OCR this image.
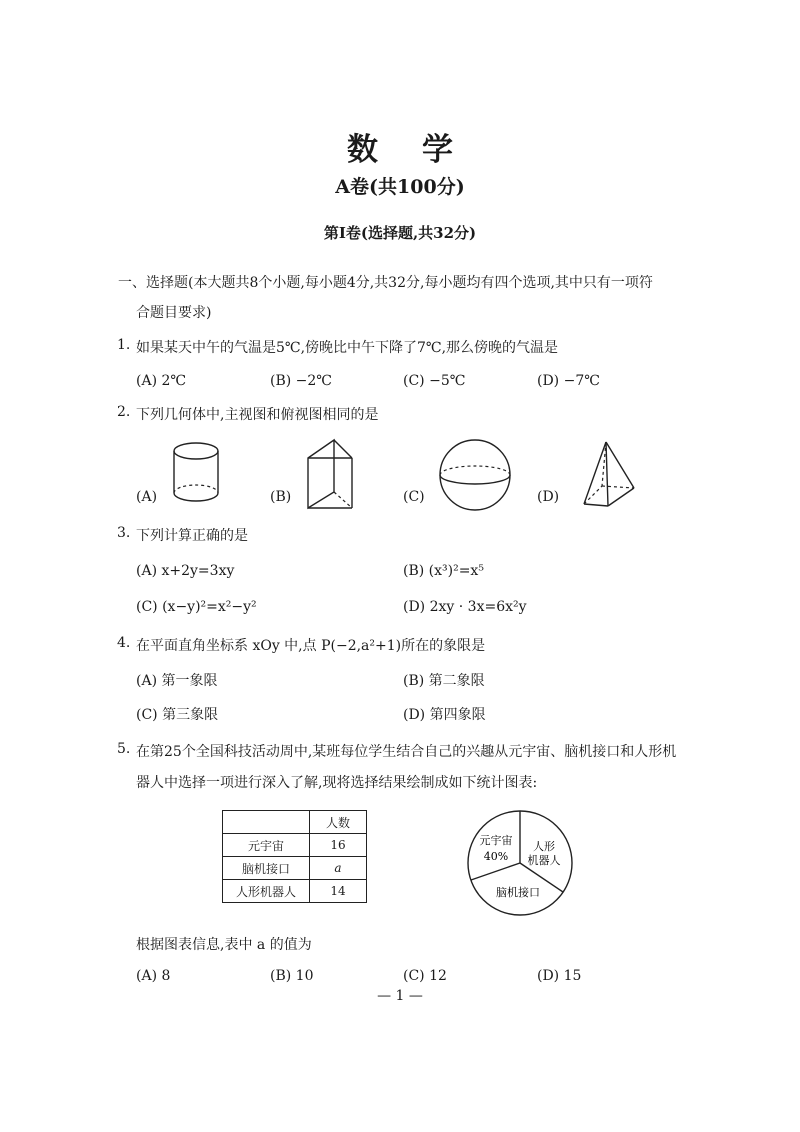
数学
A卷(共100分)
第Ⅰ卷(选择题,共32分)
一、选择题(本大题共8个小题,每小题4分,共32分,每小题均有四个选项,其中只有一项符
合题目要求)
1. 如果某天中午的气温是5℃,傍晚比中午下降了7℃,那么傍晚的气温是
(A) 2℃	(B) −2℃	(C) −5℃	(D) −7℃
2. 下列几何体中,主视图和俯视图相同的是
(A)	(B)	(C)	(D)
3. 下列计算正确的是
(A) x+2y=3xy	(B) (x³)²=x⁵
(C) (x−y)²=x²−y²	(D) 2xy · 3x=6x²y
4. 在平面直角坐标系 xOy 中,点 P(−2,a²+1)所在的象限是
(A) 第一象限	(B) 第二象限
(C) 第三象限	(D) 第四象限
5. 在第25个全国科技活动周中,某班每位学生结合自己的兴趣从元宇宙、脑机接口和人形机
器人中选择一项进行深入了解,现将选择结果绘制成如下统计图表:
	人数
元宇宙	16
脑机接口	a
人形机器人	14
元宇宙
40%
人形
机器人
脑机接口
根据图表信息,表中 a 的值为
(A) 8	(B) 10	(C) 12	(D) 15
— 1 —
